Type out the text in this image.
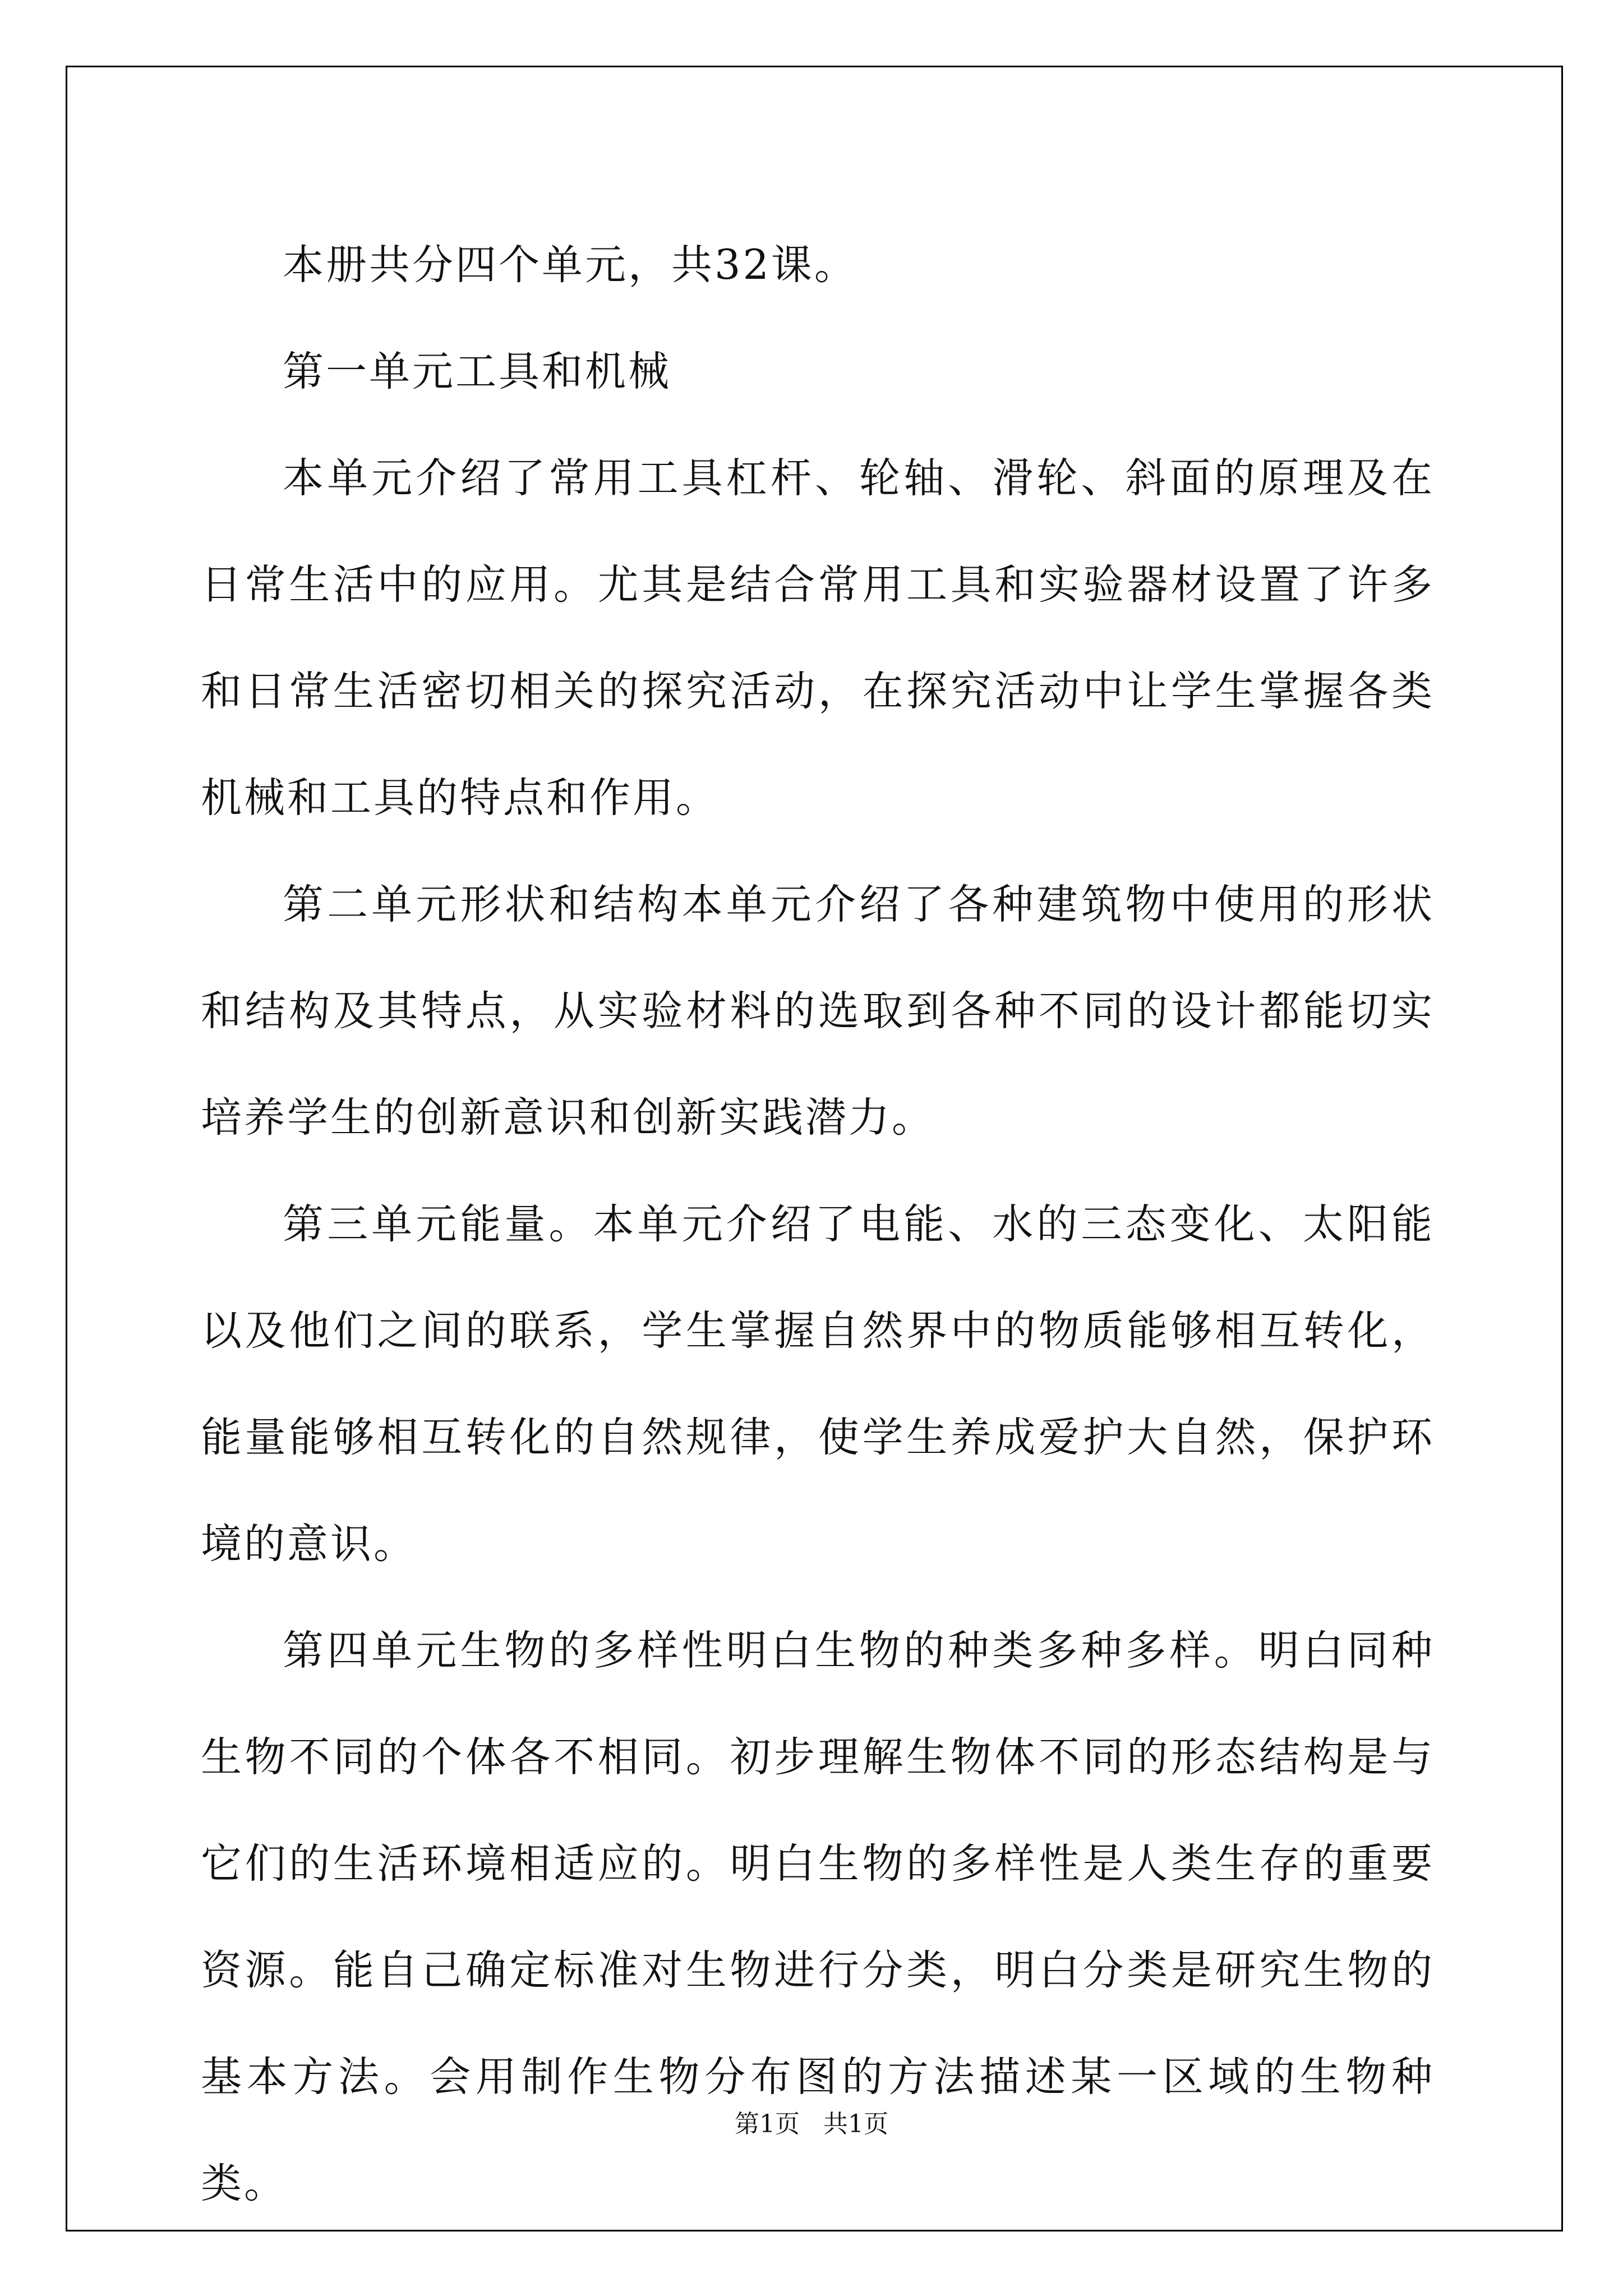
本册共分四个单元，共32课。

第一单元工具和机械

本单元介绍了常用工具杠杆、轮轴、滑轮、斜面的原理及在日常生活中的应用。尤其是结合常用工具和实验器材设置了许多和日常生活密切相关的探究活动，在探究活动中让学生掌握各类机械和工具的特点和作用。

第二单元形状和结构本单元介绍了各种建筑物中使用的形状和结构及其特点，从实验材料的选取到各种不同的设计都能切实培养学生的创新意识和创新实践潜力。

第三单元能量。本单元介绍了电能、水的三态变化、太阳能以及他们之间的联系，学生掌握自然界中的物质能够相互转化，能量能够相互转化的自然规律，使学生养成爱护大自然，保护环境的意识。

第四单元生物的多样性明白生物的种类多种多样。明白同种生物不同的个体各不相同。初步理解生物体不同的形态结构是与它们的生活环境相适应的。明白生物的多样性是人类生存的重要资源。能自己确定标准对生物进行分类，明白分类是研究生物的基本方法。会用制作生物分布图的方法描述某一区域的生物种类。

第1页 共1页
